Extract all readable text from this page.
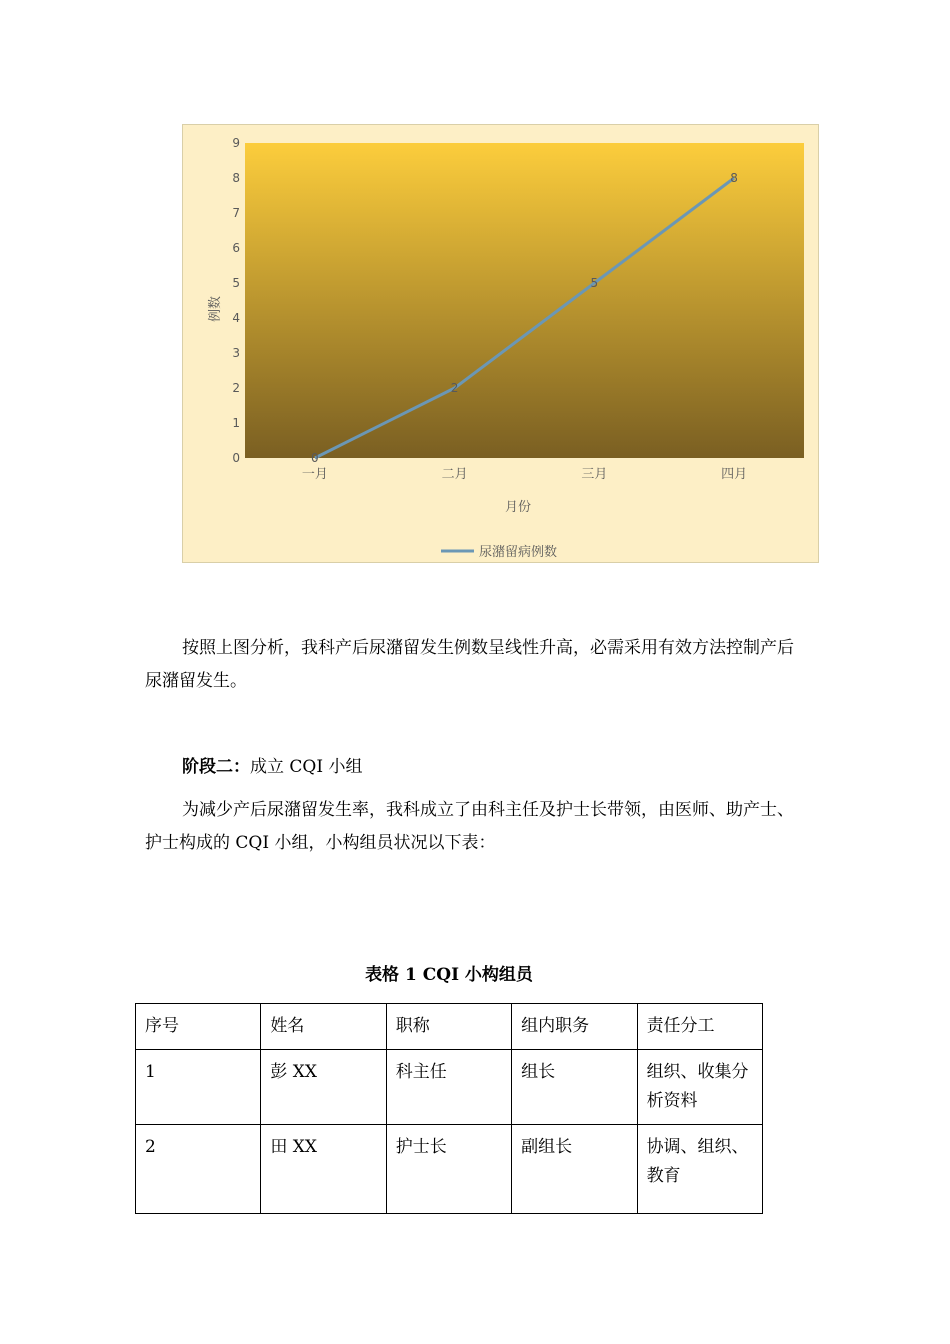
0
1
2
3
4
5
6
7
8
9
一月	二月	三月	四月
0
2
5
8
例数
月份
尿潴留病例数

按照上图分析，我科产后尿潴留发生例数呈线性升高，必需采用有效方法控制产后尿潴留发生。

阶段二：成立 CQI 小组

为减少产后尿潴留发生率，我科成立了由科主任及护士长带领，由医师、助产士、护士构成的 CQI 小组，小构组员状况以下表：

表格 1 CQI 小构组员
序号	姓名	职称	组内职务	责任分工
1	彭 XX	科主任	组长	组织、收集分析资料
2	田 XX	护士长	副组长	协调、组织、教育
